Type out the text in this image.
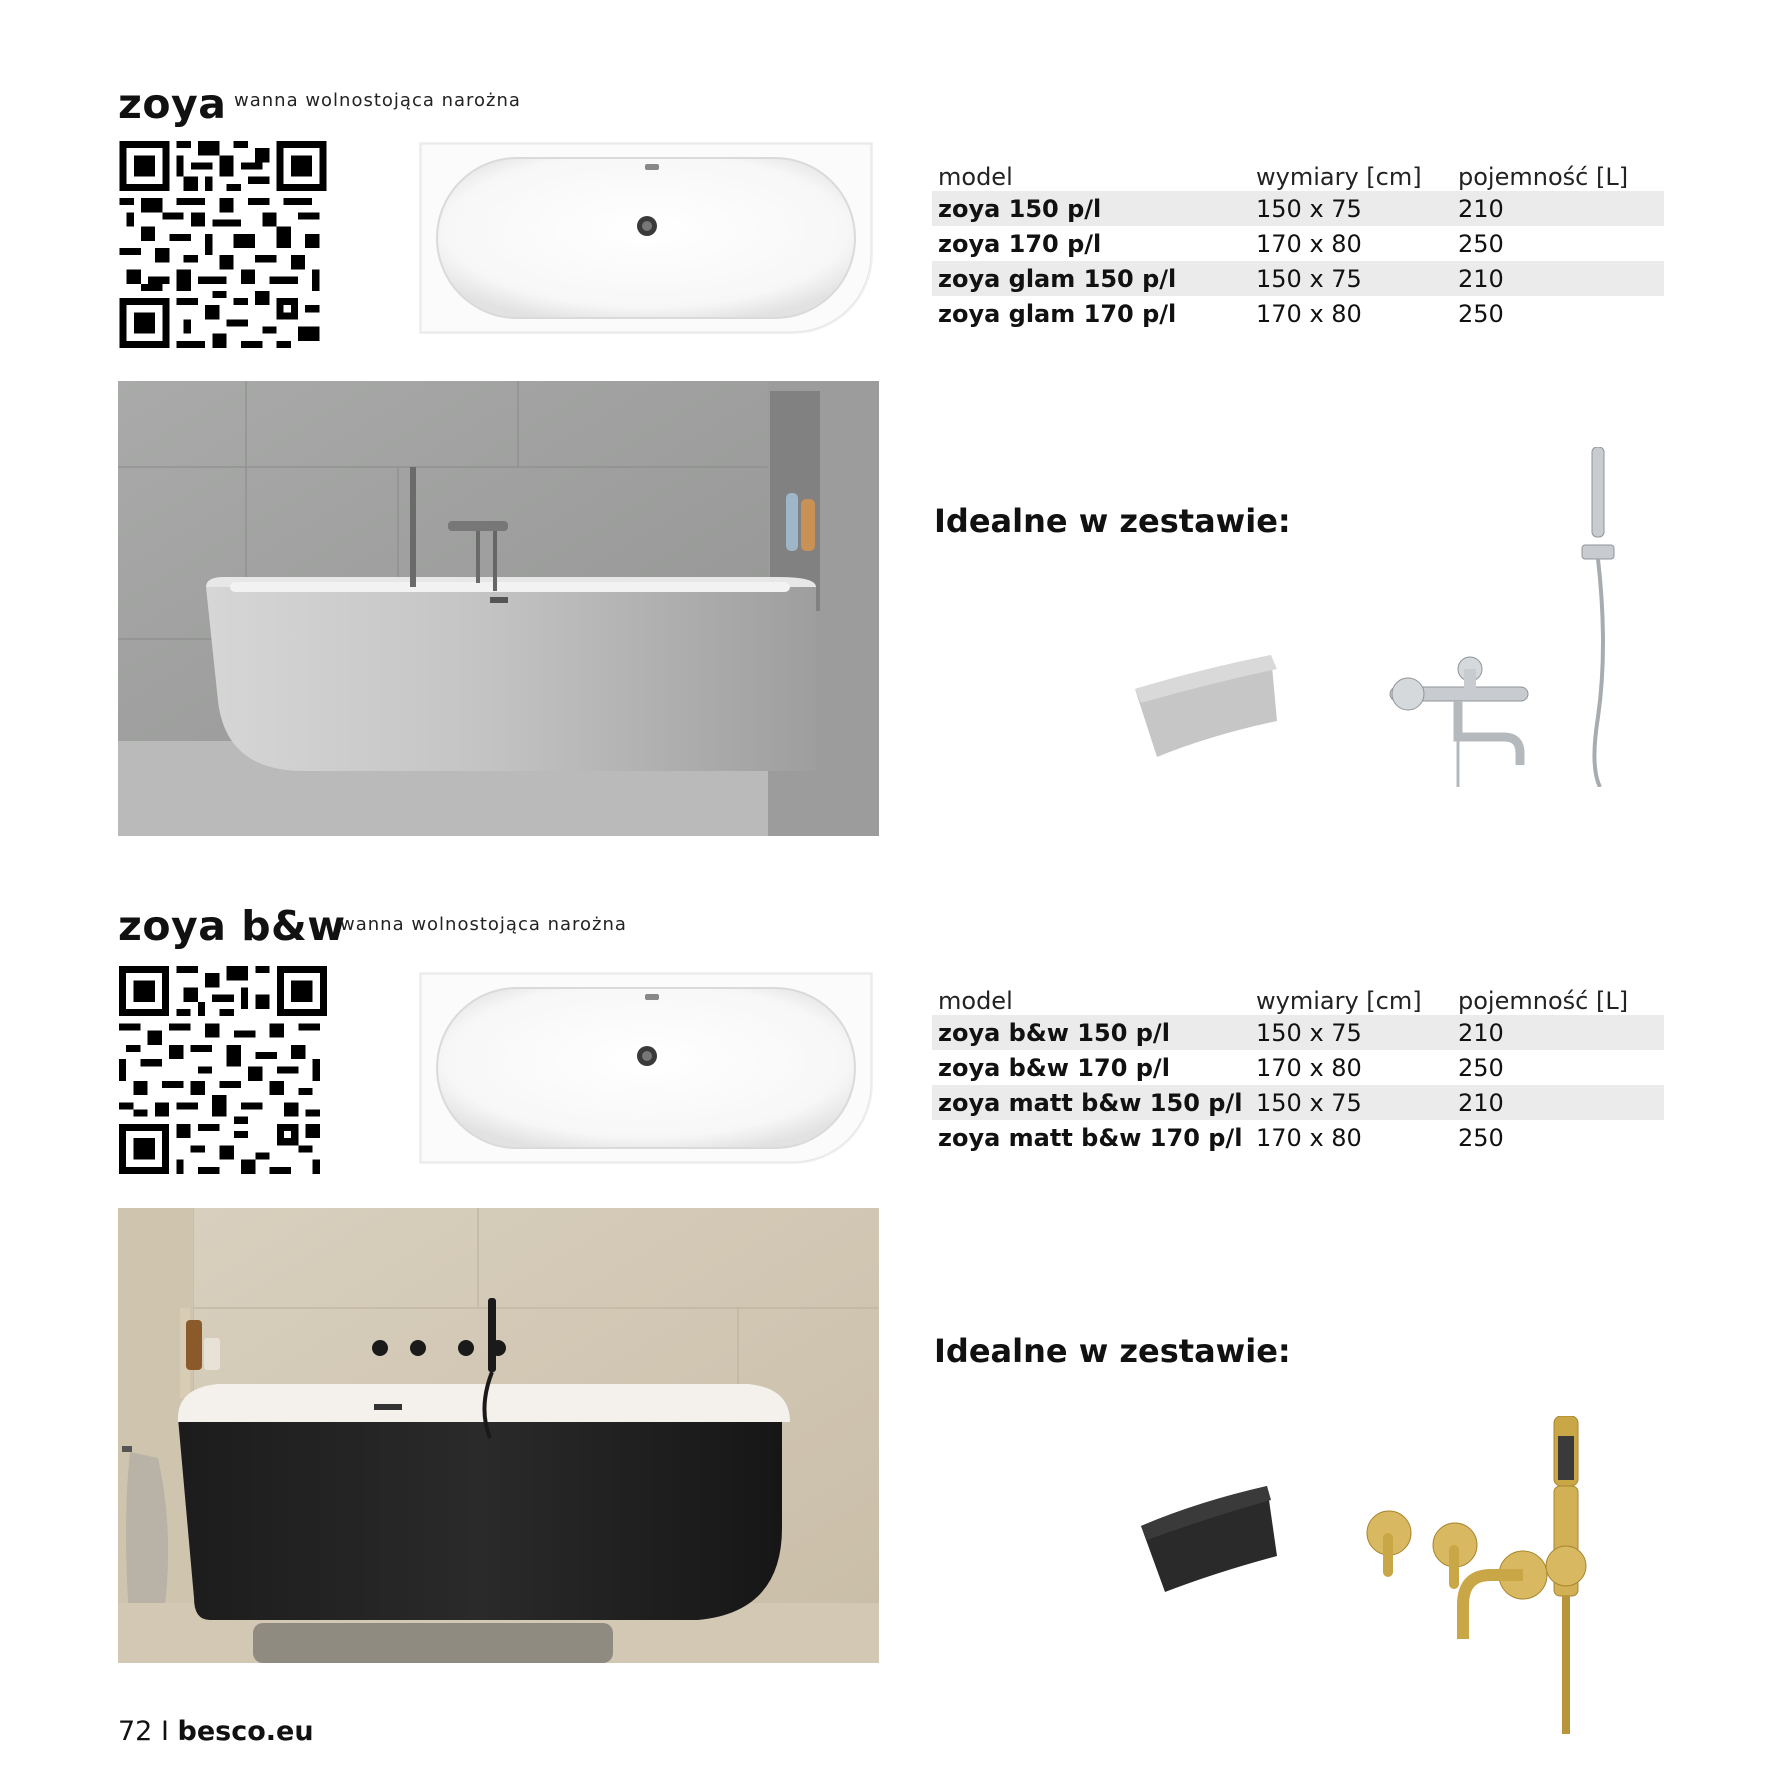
zoya wanna wolnostojąca narożna
model	wymiary [cm]	pojemność [L]
zoya 150 p/l	150 x 75	210
zoya 170 p/l	170 x 80	250
zoya glam 150 p/l	150 x 75	210
zoya glam 170 p/l	170 x 80	250
Idealne w zestawie:
zoya b&w
wanna wolnostojąca narożna
model	wymiary [cm]	pojemność [L]
zoya b&w 150 p/l	150 x 75	210
zoya b&w 170 p/l	170 x 80	250
zoya matt b&w 150 p/l	150 x 75	210
zoya matt b&w 170 p/l	170 x 80	250
Idealne w zestawie:
72 I besco.eu
